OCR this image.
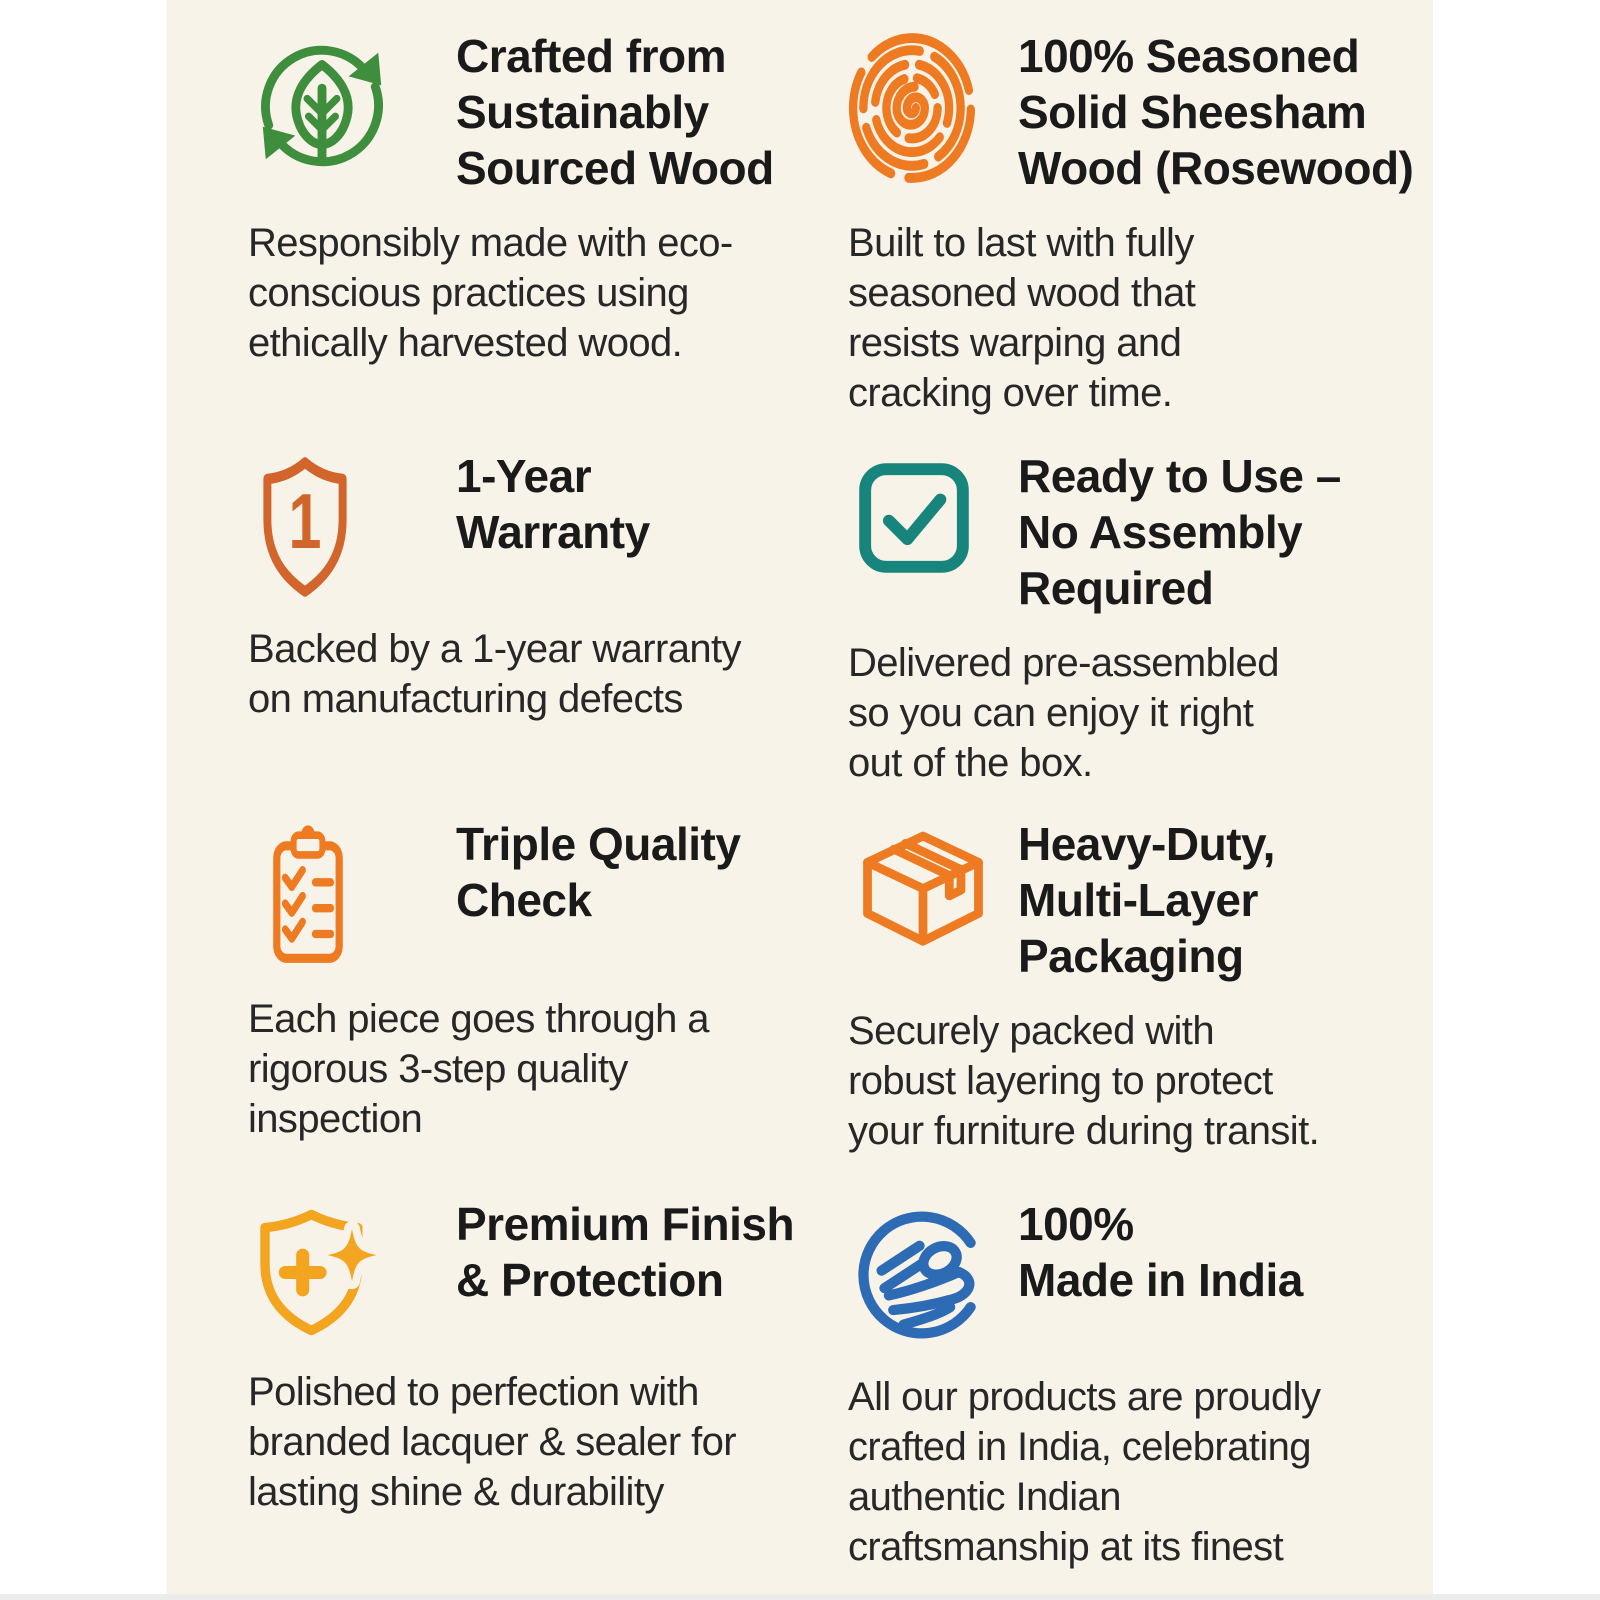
Crafted from
Sustainably
Sourced Wood
Responsibly made with eco-
conscious practices using
ethically harvested wood.
100% Seasoned
Solid Sheesham
Wood (Rosewood)
Built to last with fully
seasoned wood that
resists warping and
cracking over time.
1
1-Year
Warranty
Backed by a 1-year warranty
on manufacturing defects
Ready to Use –
No Assembly
Required
Delivered pre-assembled
so you can enjoy it right
out of the box.
Triple Quality
Check
Each piece goes through a
rigorous 3-step quality
inspection
Heavy-Duty,
Multi-Layer
Packaging
Securely packed with
robust layering to protect
your furniture during transit.
Premium Finish
& Protection
Polished to perfection with
branded lacquer & sealer for
lasting shine & durability
100%
Made in India
All our products are proudly
crafted in India, celebrating
authentic Indian
craftsmanship at its finest
